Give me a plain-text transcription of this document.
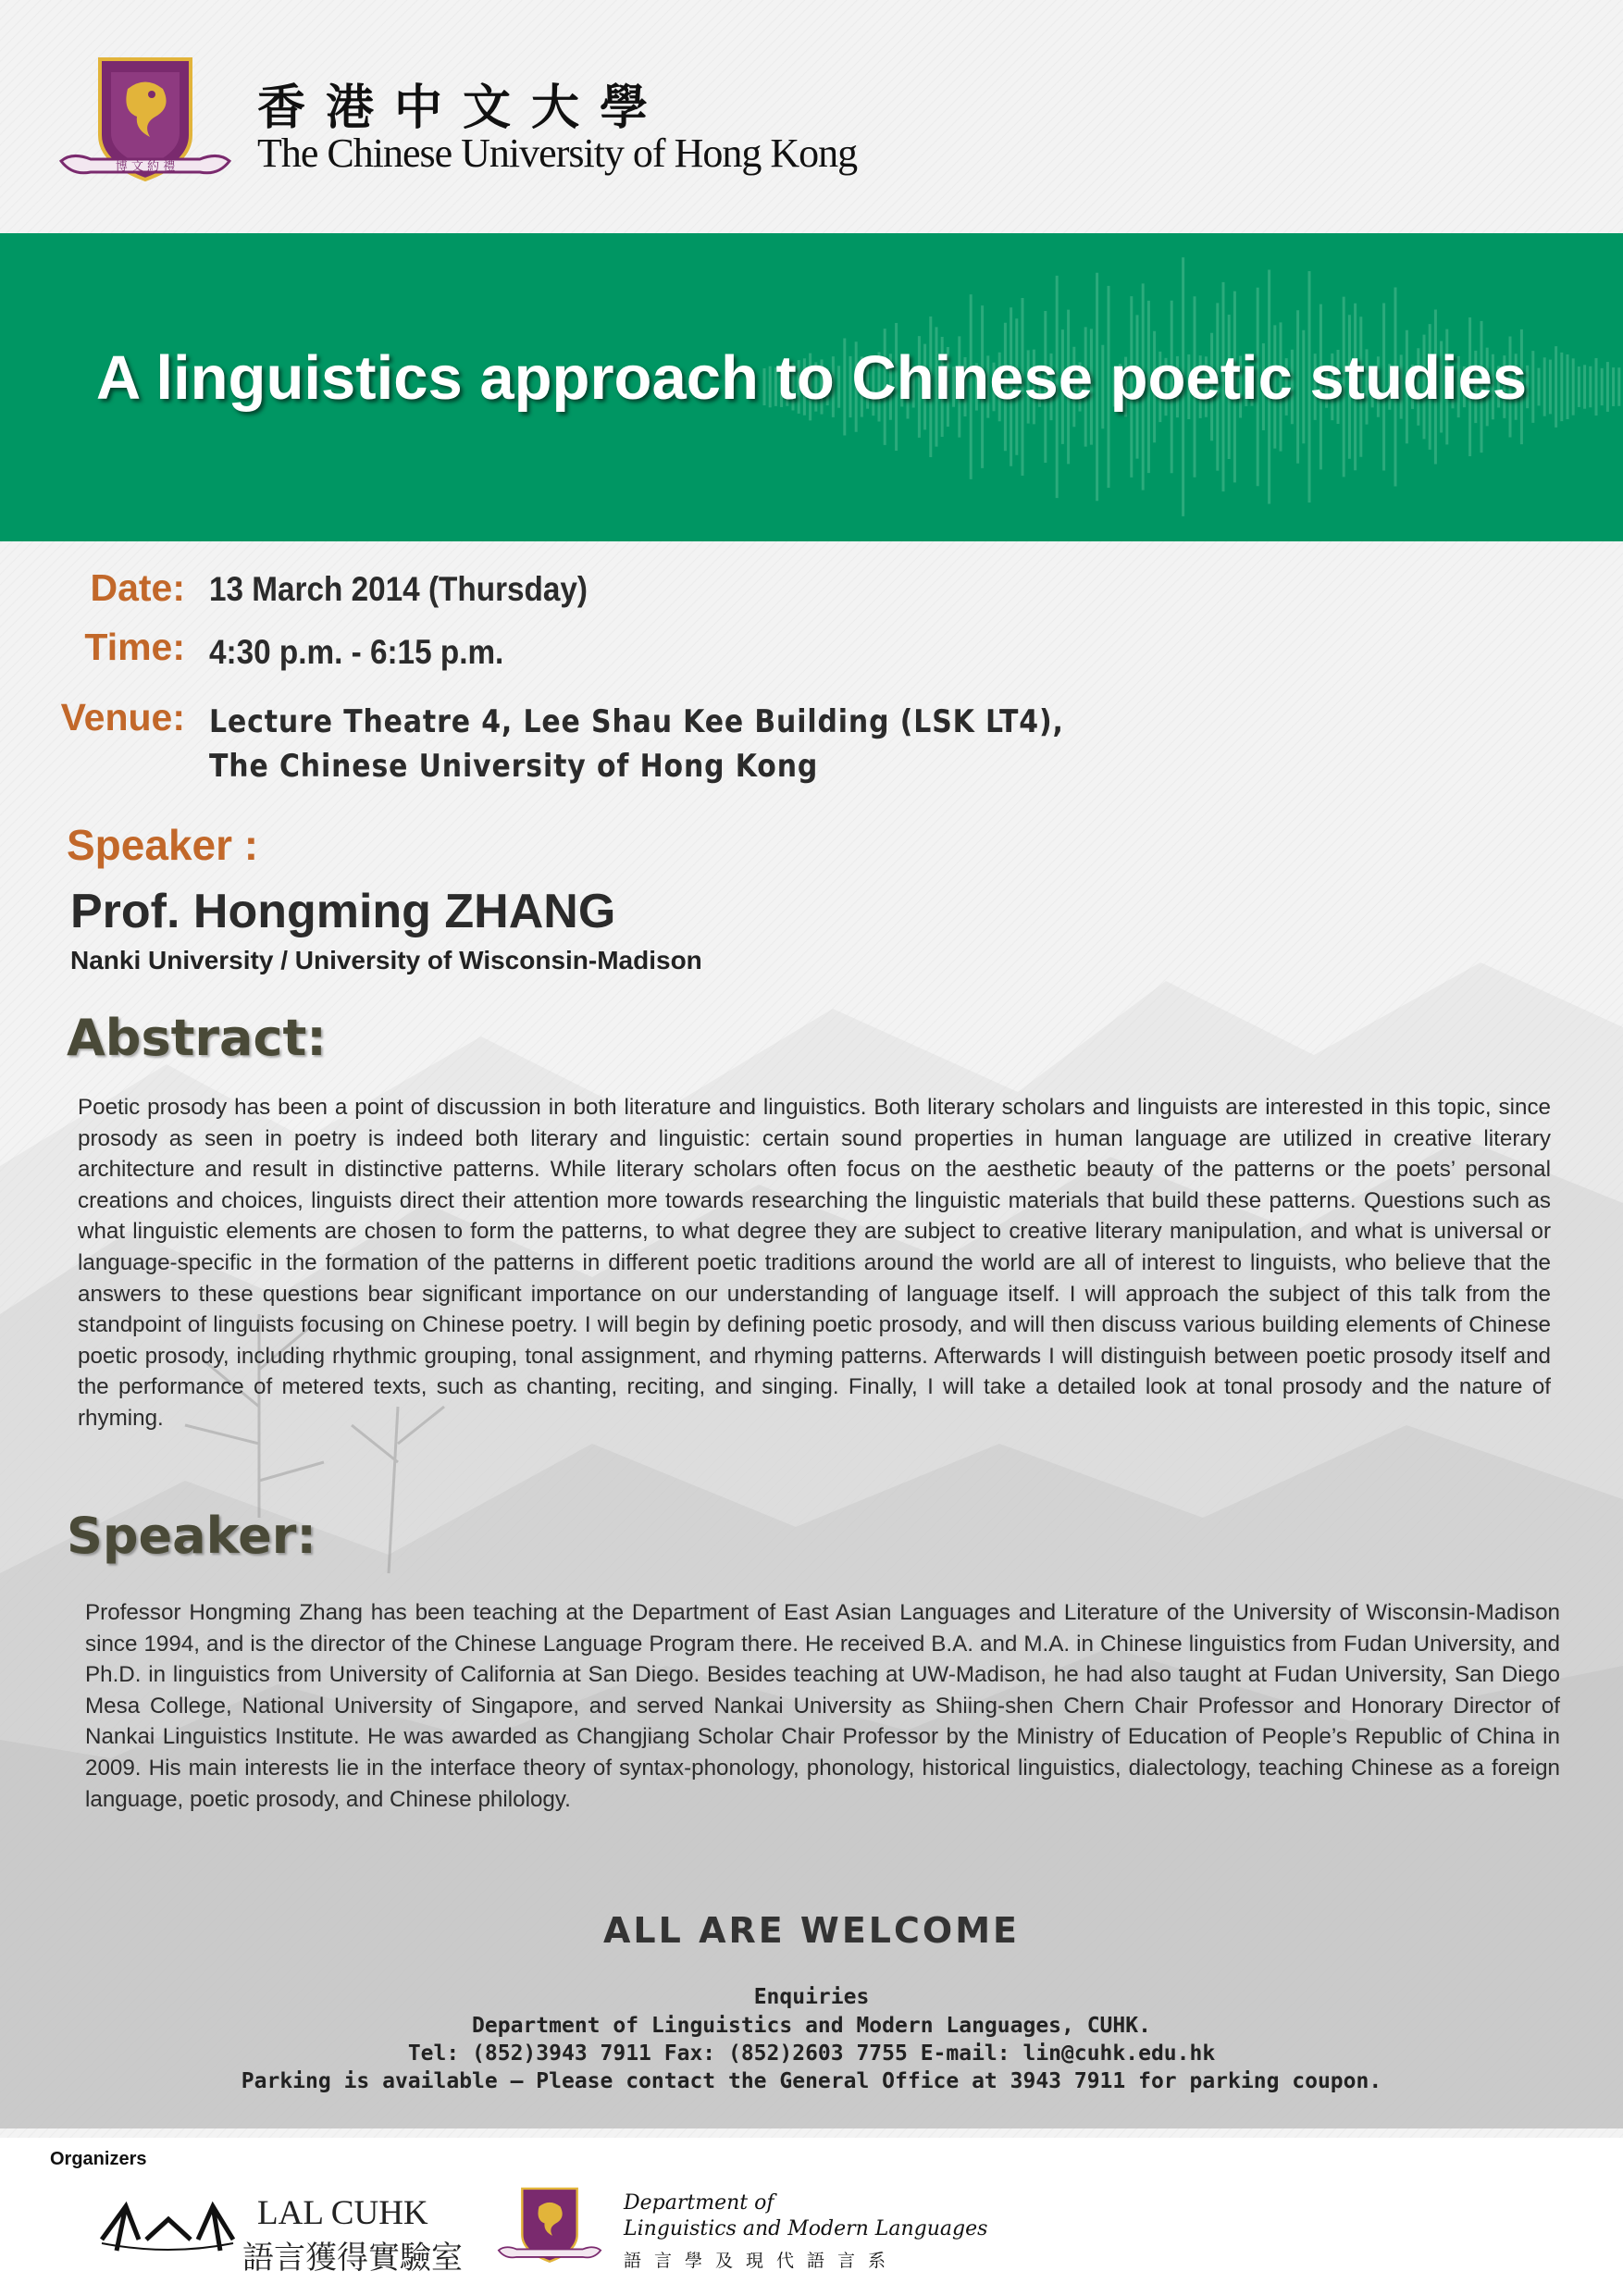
博 文 約 禮
香港中文大學
The Chinese University of Hong Kong
A linguistics approach to Chinese poetic studies
Date: 13 March 2014 (Thursday)
Time: 4:30 p.m. - 6:15 p.m.
Venue: Lecture Theatre 4, Lee Shau Kee Building (LSK LT4),
The Chinese University of Hong Kong
Speaker :
Prof. Hongming ZHANG
Nanki University / University of Wisconsin-Madison
Abstract:
Poetic prosody has been a point of discussion in both literature and linguistics. Both literary scholars and linguists are interested in this topic, since prosody as seen in poetry is indeed both literary and linguistic: certain sound properties in human language are utilized in creative literary architecture and result in distinctive patterns. While literary scholars often focus on the aesthetic beauty of the patterns or the poets’ personal creations and choices, linguists direct their attention more towards researching the linguistic materials that build these patterns. Questions such as what linguistic elements are chosen to form the patterns, to what degree they are subject to creative literary manipulation, and what is universal or language-specific in the formation of the patterns in different poetic traditions around the world are all of interest to linguists, who believe that the answers to these questions bear significant importance on our understanding of language itself. I will approach the subject of this talk from the standpoint of linguists focusing on Chinese poetry. I will begin by defining poetic prosody, and will then discuss various building elements of Chinese poetic prosody, including rhythmic grouping, tonal assignment, and rhyming patterns. Afterwards I will distinguish between poetic prosody itself and the performance of metered texts, such as chanting, reciting, and singing. Finally, I will take a detailed look at tonal prosody and the nature of rhyming.
Speaker:
Professor Hongming Zhang has been teaching at the Department of East Asian Languages and Literature of the University of Wisconsin-Madison since 1994, and is the director of the Chinese Language Program there. He received B.A. and M.A. in Chinese linguistics from Fudan University, and Ph.D. in linguistics from University of California at San Diego. Besides teaching at UW-Madison, he had also taught at Fudan University, San Diego Mesa College, National University of Singapore, and served Nankai University as Shiing-shen Chern Chair Professor and Honorary Director of Nankai Linguistics Institute. He was awarded as Changjiang Scholar Chair Professor by the Ministry of Education of People’s Republic of China in 2009. His main interests lie in the interface theory of syntax-phonology, phonology, historical linguistics, dialectology, teaching Chinese as a foreign language, poetic prosody, and Chinese philology.
ALL ARE WELCOME
Enquiries
Department of Linguistics and Modern Languages, CUHK.
Tel: (852)3943 7911 Fax: (852)2603 7755 E-mail: lin@cuhk.edu.hk
Parking is available – Please contact the General Office at 3943 7911 for parking coupon.
Organizers
LAL CUHK
語言獲得實驗室
Department of
Linguistics and Modern Languages
語言學及現代語言系
